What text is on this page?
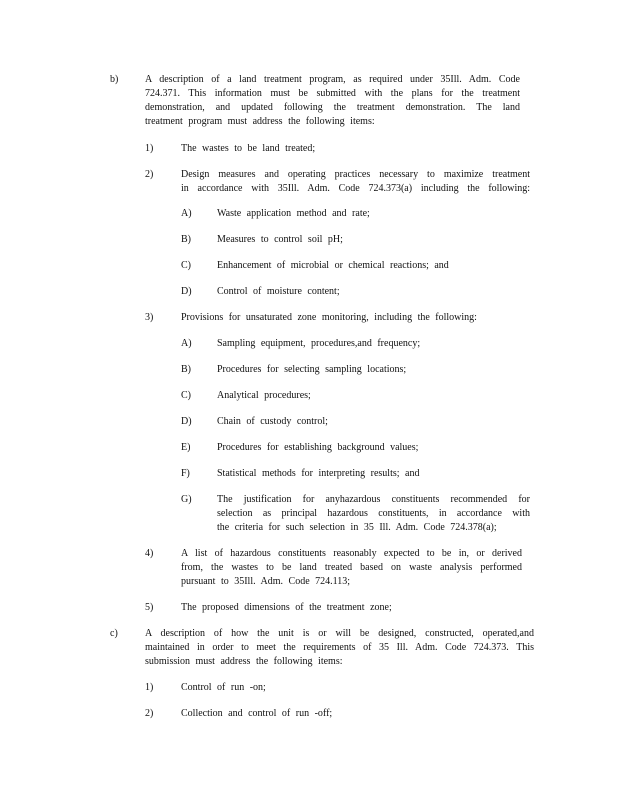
b)	A description of a land treatment program, as required under 35Ill. Adm. Code
724.371. This information must be submitted with the plans for the treatment
demonstration, and updated following the treatment demonstration. The land
treatment program must address the following items:
1)	The wastes to be land treated;
2)	Design measures and operating practices necessary to maximize treatment
in accordance with 35Ill. Adm. Code 724.373(a) including the following:
A)	Waste application method and rate;
B)	Measures to control soil pH;
C)	Enhancement of microbial or chemical reactions; and
D)	Control of moisture content;
3)	Provisions for unsaturated zone monitoring, including the following:
A)	Sampling equipment, procedures,and frequency;
B)	Procedures for selecting sampling locations;
C)	Analytical procedures;
D)	Chain of custody control;
E)	Procedures for establishing background values;
F)	Statistical methods for interpreting results; and
G)	The justification for anyhazardous constituents recommended for
selection as principal hazardous constituents, in accordance with
the criteria for such selection in 35 Ill. Adm. Code 724.378(a);
4)	A list of hazardous constituents reasonably expected to be in, or derived
from, the wastes to be land treated based on waste analysis performed
pursuant to 35Ill. Adm. Code 724.113;
5)	The proposed dimensions of the treatment zone;
c)	A description of how the unit is or will be designed, constructed, operated,and
maintained in order to meet the requirements of 35 Ill. Adm. Code 724.373. This
submission must address the following items:
1)	Control of run -on;
2)	Collection and control of run -off;
